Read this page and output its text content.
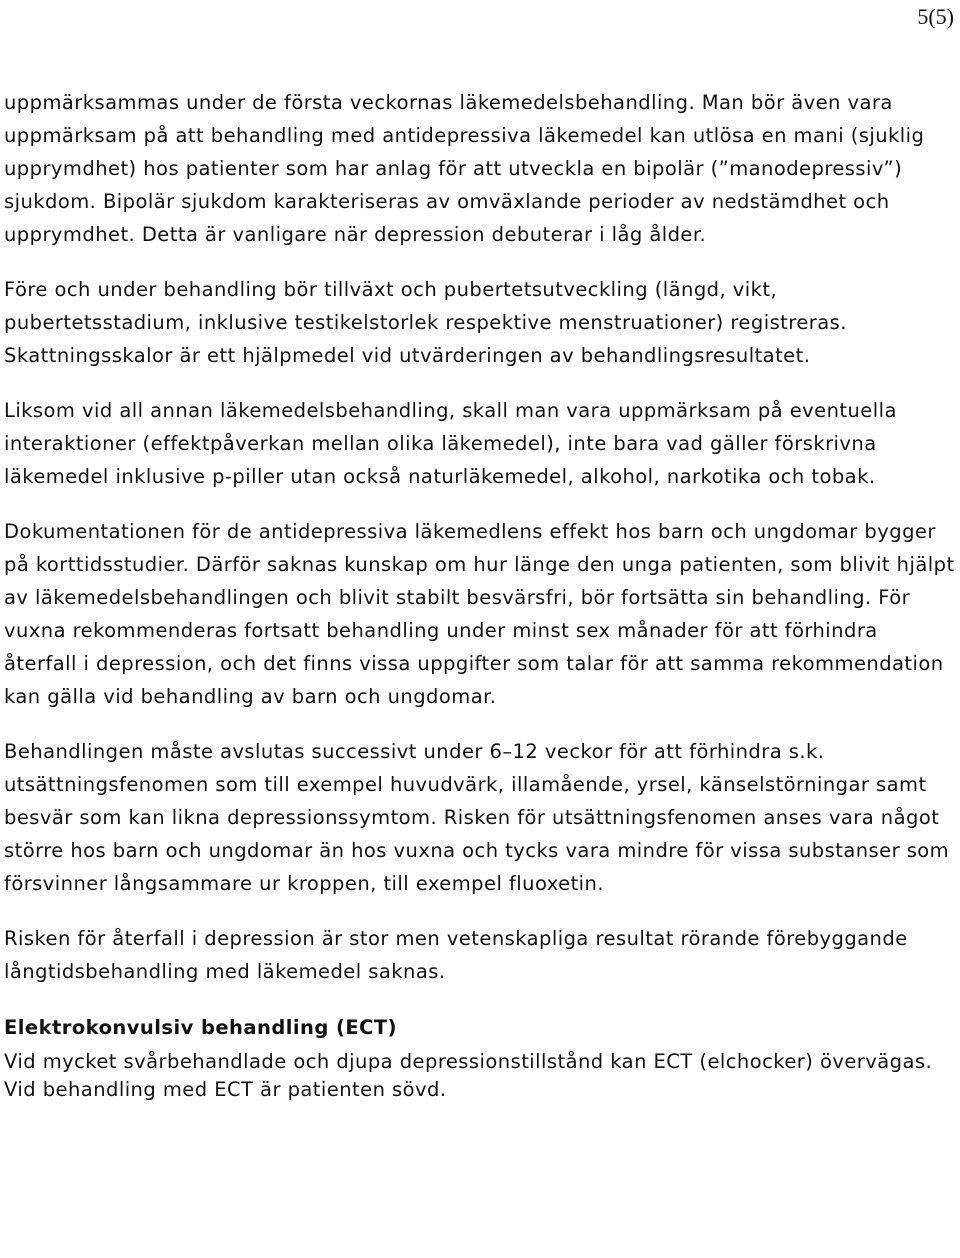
5(5)

uppmärksammas under de första veckornas läkemedelsbehandling. Man bör även vara uppmärksam på att behandling med antidepressiva läkemedel kan utlösa en mani (sjuklig upprymdhet) hos patienter som har anlag för att utveckla en bipolär (”manodepressiv”) sjukdom. Bipolär sjukdom karakteriseras av omväxlande perioder av nedstämdhet och upprymdhet. Detta är vanligare när depression debuterar i låg ålder.

Före och under behandling bör tillväxt och pubertetsutveckling (längd, vikt, pubertetsstadium, inklusive testikelstorlek respektive menstruationer) registreras. Skattningsskalor är ett hjälpmedel vid utvärderingen av behandlingsresultatet.

Liksom vid all annan läkemedelsbehandling, skall man vara uppmärksam på eventuella interaktioner (effektpåverkan mellan olika läkemedel), inte bara vad gäller förskrivna läkemedel inklusive p-piller utan också naturläkemedel, alkohol, narkotika och tobak.

Dokumentationen för de antidepressiva läkemedlens effekt hos barn och ungdomar bygger på korttidsstudier. Därför saknas kunskap om hur länge den unga patienten, som blivit hjälpt av läkemedelsbehandlingen och blivit stabilt besvärsfri, bör fortsätta sin behandling. För vuxna rekommenderas fortsatt behandling under minst sex månader för att förhindra återfall i depression, och det finns vissa uppgifter som talar för att samma rekommendation kan gälla vid behandling av barn och ungdomar.

Behandlingen måste avslutas successivt under 6–12 veckor för att förhindra s.k. utsättningsfenomen som till exempel huvudvärk, illamående, yrsel, känselstörningar samt besvär som kan likna depressionssymtom. Risken för utsättningsfenomen anses vara något större hos barn och ungdomar än hos vuxna och tycks vara mindre för vissa substanser som försvinner långsammare ur kroppen, till exempel fluoxetin.

Risken för återfall i depression är stor men vetenskapliga resultat rörande förebyggande långtidsbehandling med läkemedel saknas.

Elektrokonvulsiv behandling (ECT)

Vid mycket svårbehandlade och djupa depressionstillstånd kan ECT (elchocker) övervägas. Vid behandling med ECT är patienten sövd.
